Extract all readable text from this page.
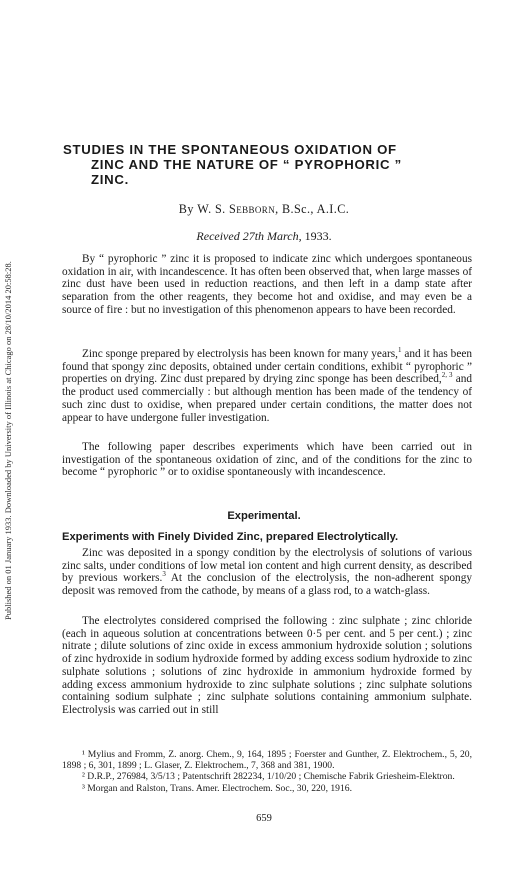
Published on 01 January 1933. Downloaded by University of Illinois at Chicago on 28/10/2014 20:58:28.
STUDIES IN THE SPONTANEOUS OXIDATION OF
ZINC AND THE NATURE OF “ PYROPHORIC ”
ZINC.
By W. S. Sebborn, B.Sc., A.I.C.
Received 27th March, 1933.

By “ pyrophoric ” zinc it is proposed to indicate zinc which undergoes spontaneous oxidation in air, with incandescence. It has often been observed that, when large masses of zinc dust have been used in reduction reactions, and then left in a damp state after separation from the other reagents, they become hot and oxidise, and may even be a source of fire : but no investigation of this phenomenon appears to have been recorded.

Zinc sponge prepared by electrolysis has been known for many years,$^1$ and it has been found that spongy zinc deposits, obtained under certain conditions, exhibit “ pyrophoric ” properties on drying. Zinc dust prepared by drying zinc sponge has been described,$^{2, 3}$ and the product used commercially : but although mention has been made of the tendency of such zinc dust to oxidise, when prepared under certain conditions, the matter does not appear to have undergone fuller investigation.

The following paper describes experiments which have been carried out in investigation of the spontaneous oxidation of zinc, and of the conditions for the zinc to become “ pyrophoric ” or to oxidise spontaneously with incandescence.

Experimental.
Experiments with Finely Divided Zinc, prepared Electrolytically.

Zinc was deposited in a spongy condition by the electrolysis of solutions of various zinc salts, under conditions of low metal ion content and high current density, as described by previous workers.$^3$ At the conclusion of the electrolysis, the non-adherent spongy deposit was removed from the cathode, by means of a glass rod, to a watch-glass.

The electrolytes considered comprised the following : zinc sulphate ; zinc chloride (each in aqueous solution at concentrations between 0·5 per cent. and 5 per cent.) ; zinc nitrate ; dilute solutions of zinc oxide in excess ammonium hydroxide solution ; solutions of zinc hydroxide in sodium hydroxide formed by adding excess sodium hydroxide to zinc sulphate solutions ; solutions of zinc hydroxide in ammonium hydroxide formed by adding excess ammonium hydroxide to zinc sulphate solutions ; zinc sulphate solutions containing sodium sulphate ; zinc sulphate solutions containing ammonium sulphate. Electrolysis was carried out in still

¹ Mylius and Fromm, Z. anorg. Chem., 9, 164, 1895 ; Foerster and Gunther, Z. Elektrochem., 5, 20, 1898 ; 6, 301, 1899 ; L. Glaser, Z. Elektrochem., 7, 368 and 381, 1900.

² D.R.P., 276984, 3/5/13 ; Patentschrift 282234, 1/10/20 ; Chemische Fabrik Griesheim-Elektron.

³ Morgan and Ralston, Trans. Amer. Electrochem. Soc., 30, 220, 1916.

659
